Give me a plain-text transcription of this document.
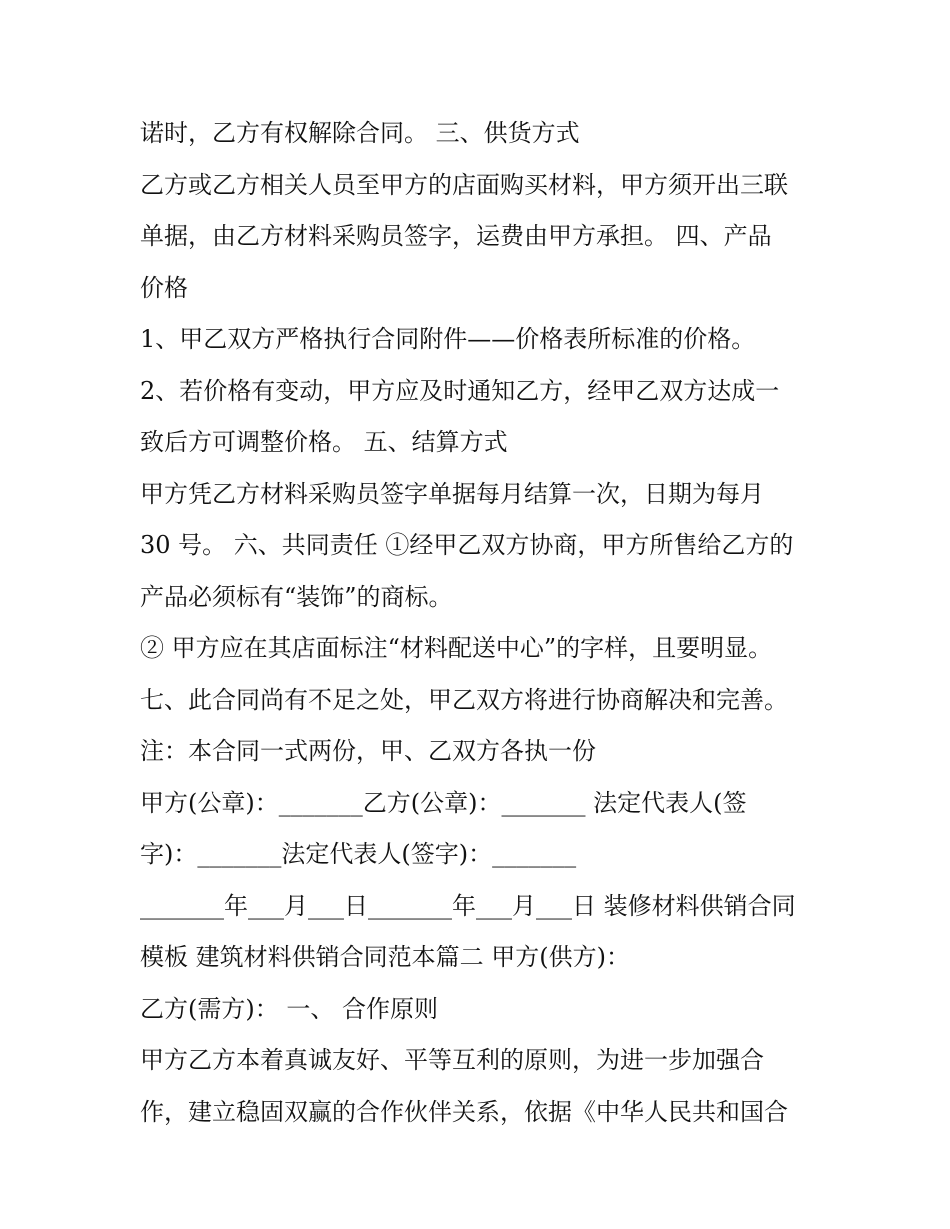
诺时，乙方有权解除合同。 三、供货方式
乙方或乙方相关人员至甲方的店面购买材料，甲方须开出三联
单据，由乙方材料采购员签字，运费由甲方承担。 四、产品
价格
1、甲乙双方严格执行合同附件——价格表所标准的价格。
2、若价格有变动，甲方应及时通知乙方，经甲乙双方达成一
致后方可调整价格。 五、结算方式
甲方凭乙方材料采购员签字单据每月结算一次，日期为每月
30 号。 六、共同责任 ①经甲乙双方协商，甲方所售给乙方的
产品必须标有“装饰”的商标。
② 甲方应在其店面标注“材料配送中心”的字样，且要明显。
七、此合同尚有不足之处，甲乙双方将进行协商解决和完善。
注：本合同一式两份，甲、乙双方各执一份
甲方(公章)：_______乙方(公章)：_______ 法定代表人(签
字)：_______法定代表人(签字)：_______
_______年___月___日_______年___月___日 装修材料供销合同
模板 建筑材料供销合同范本篇二 甲方(供方)：
乙方(需方)： 一、 合作原则
甲方乙方本着真诚友好、平等互利的原则，为进一步加强合
作，建立稳固双赢的合作伙伴关系，依据《中华人民共和国合
